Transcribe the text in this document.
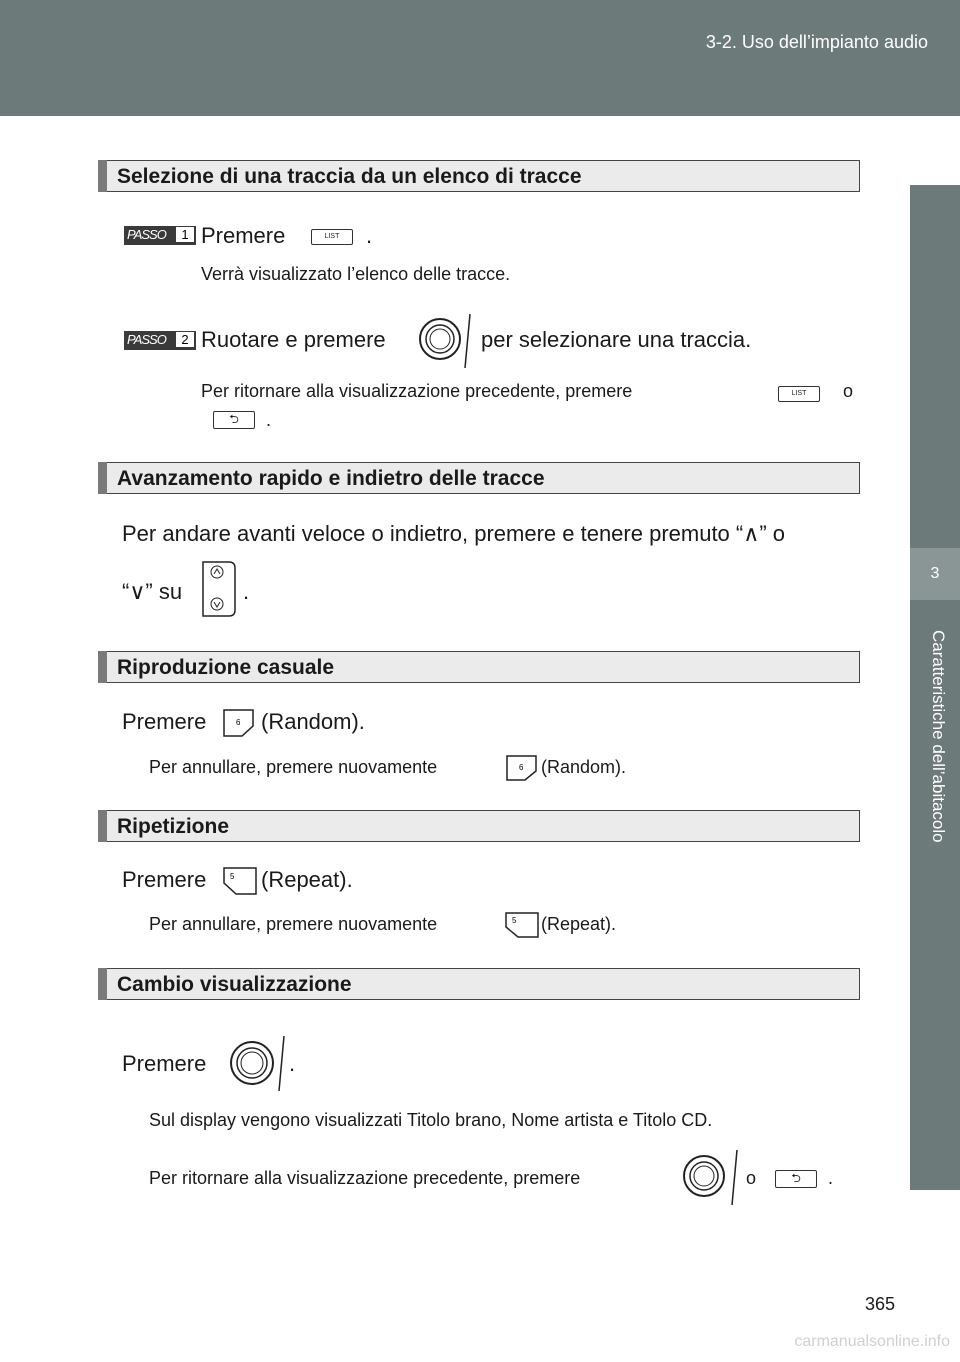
3-2. Uso dell’impianto audio
3
Caratteristiche dell’abitacolo
Selezione di una traccia da un elenco di tracce
PASSO	1 Premere	LIST	.
Verrà visualizzato l’elenco delle tracce.
PASSO	2 Ruotare e premere	per selezionare una traccia.
Per ritornare alla visualizzazione precedente, premere	LIST	o
⮌	.
Avanzamento rapido e indietro delle tracce
Per andare avanti veloce o indietro, premere e tenere premuto “∧” o
“∨” su	.
Riproduzione casuale
Premere	6 (Random).
Per annullare, premere nuovamente	6 (Random).
Ripetizione
Premere	5 (Repeat).
Per annullare, premere nuovamente	5 (Repeat).
Cambio visualizzazione
Premere	.
Sul display vengono visualizzati Titolo brano, Nome artista e Titolo CD.
Per ritornare alla visualizzazione precedente, premere	o	⮌	.
365
carmanualsonline.info
